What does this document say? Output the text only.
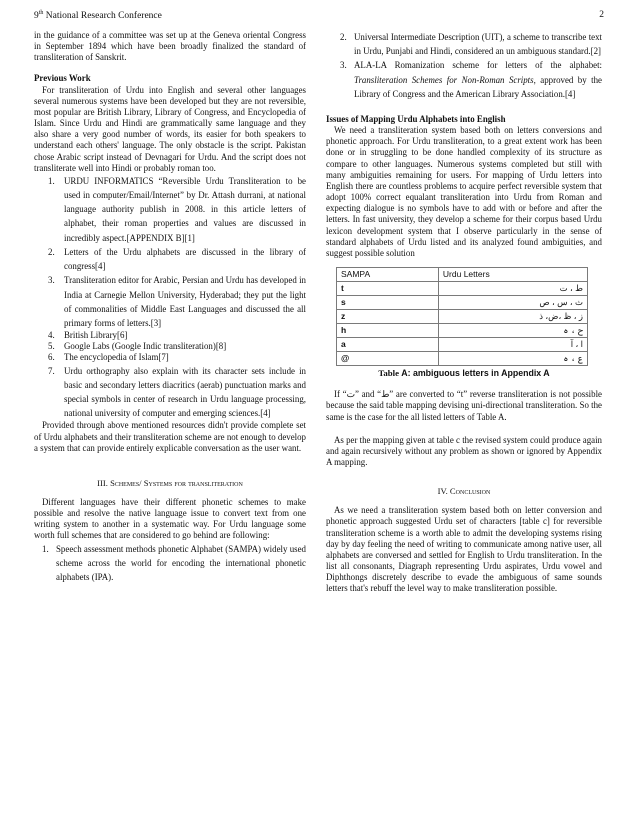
9th National Research Conference	2

in the guidance of a committee was set up at the Geneva oriental Congress in September 1894 which have been broadly finalized the standard of transliteration of Sanskrit.

Previous Work

For transliteration of Urdu into English and several other languages several numerous systems have been developed but they are not reversible, most popular are British Library, Library of Congress, and Encyclopedia of Islam. Since Urdu and Hindi are grammatically same language and they also share a very good number of words, its easier for both speakers to understand each others' language. The only obstacle is the script. Pakistan chose Arabic script instead of Devnagari for Urdu. And the script does not transliterate well into Hindi or probably roman too.

1. URDU INFORMATICS “Reversible Urdu Transliteration to be used in computer/Email/Internet” by Dr. Attash durrani, at national language authority publish in 2008. in this article letters of alphabet, their roman properties and values are discussed in incredibly aspect.[APPENDIX B][1]
2. Letters of the Urdu alphabets are discussed in the library of congress[4]
3. Transliteration editor for Arabic, Persian and Urdu has developed in India at Carnegie Mellon University, Hyderabad; they put the light of commonalities of Middle East Languages and discussed the all primary forms of letters.[3]
4. British Library[6]
5. Google Labs (Google Indic transliteration)[8]
6. The encyclopedia of Islam[7]
7. Urdu orthography also explain with its character sets include in basic and secondary letters diacritics (aerab) punctuation marks and special symbols in center of research in Urdu language processing, national university of computer and emerging sciences.[4]

Provided through above mentioned resources didn't provide complete set of Urdu alphabets and their transliteration scheme are not enough to develop a system that can provide entirely explicable conversation as the user want.

III. Schemes/ Systems for transliteration

Different languages have their different phonetic schemes to make possible and resolve the native language issue to convert text from one writing system to another in a systematic way. For Urdu language some worth full schemes that are considered to go behind are following:

1. Speech assessment methods phonetic Alphabet (SAMPA) widely used scheme across the world for encoding the international phonetic alphabets (IPA).
2. Universal Intermediate Description (UIT), a scheme to transcribe text in Urdu, Punjabi and Hindi, considered an un ambiguous standard.[2]
3. ALA-LA Romanization scheme for letters of the alphabet: Transliteration Schemes for Non-Roman Scripts, approved by the Library of Congress and the American Library Association.[4]

Issues of Mapping Urdu Alphabets into English

We need a transliteration system based both on letters conversions and phonetic approach. For Urdu transliteration, to a great extent work has been done or in struggling to be done handled complexity of its structure as compare to other languages. Numerous systems completed but still with many ambiguities remaining for users. For mapping of Urdu letters into English there are countless problems to acquire perfect reversible system that adopt 100% correct equalant transliteration into Urdu from Roman and expecting dialogue is no symbols have to add with or before and after the letters. In fast university, they develop a scheme for their corpus based Urdu lexicon development system that I observe particularly in the sense of standard alphabets of Urdu listed and its analyzed found ambiguities, and suggest possible solution

SAMPA	Urdu Letters
t	ط ، ت
s	ث ، س ، ص
z	ز ، ظ ،ض، ذ
h	ح ، ہ
a	ا ، آ
@	ع ، ہ

Table A: ambiguous letters in Appendix A

If “ت” and “ط” are converted to “t” reverse transliteration is not possible because the said table mapping devising uni-directional transliteration. So the same is the case for the all listed letters of Table A.

As per the mapping given at table c the revised system could produce again and again recursively without any problem as shown or ignored by Appendix A mapping.

IV. Conclusion

As we need a transliteration system based both on letter conversion and phonetic approach suggested Urdu set of characters [table c] for reversible transliteration scheme is a worth able to admit the developing systems rising day by day feeling the need of writing to communicate among native user, all alphabets are conversed and settled for English to Urdu transliteration. In the list all consonants, Diagraph representing Urdu aspirates, Urdu vowel and Diphthongs discretely describe to evade the ambiguous of same sounds letters that's rebuff the level way to make transliteration possible.
